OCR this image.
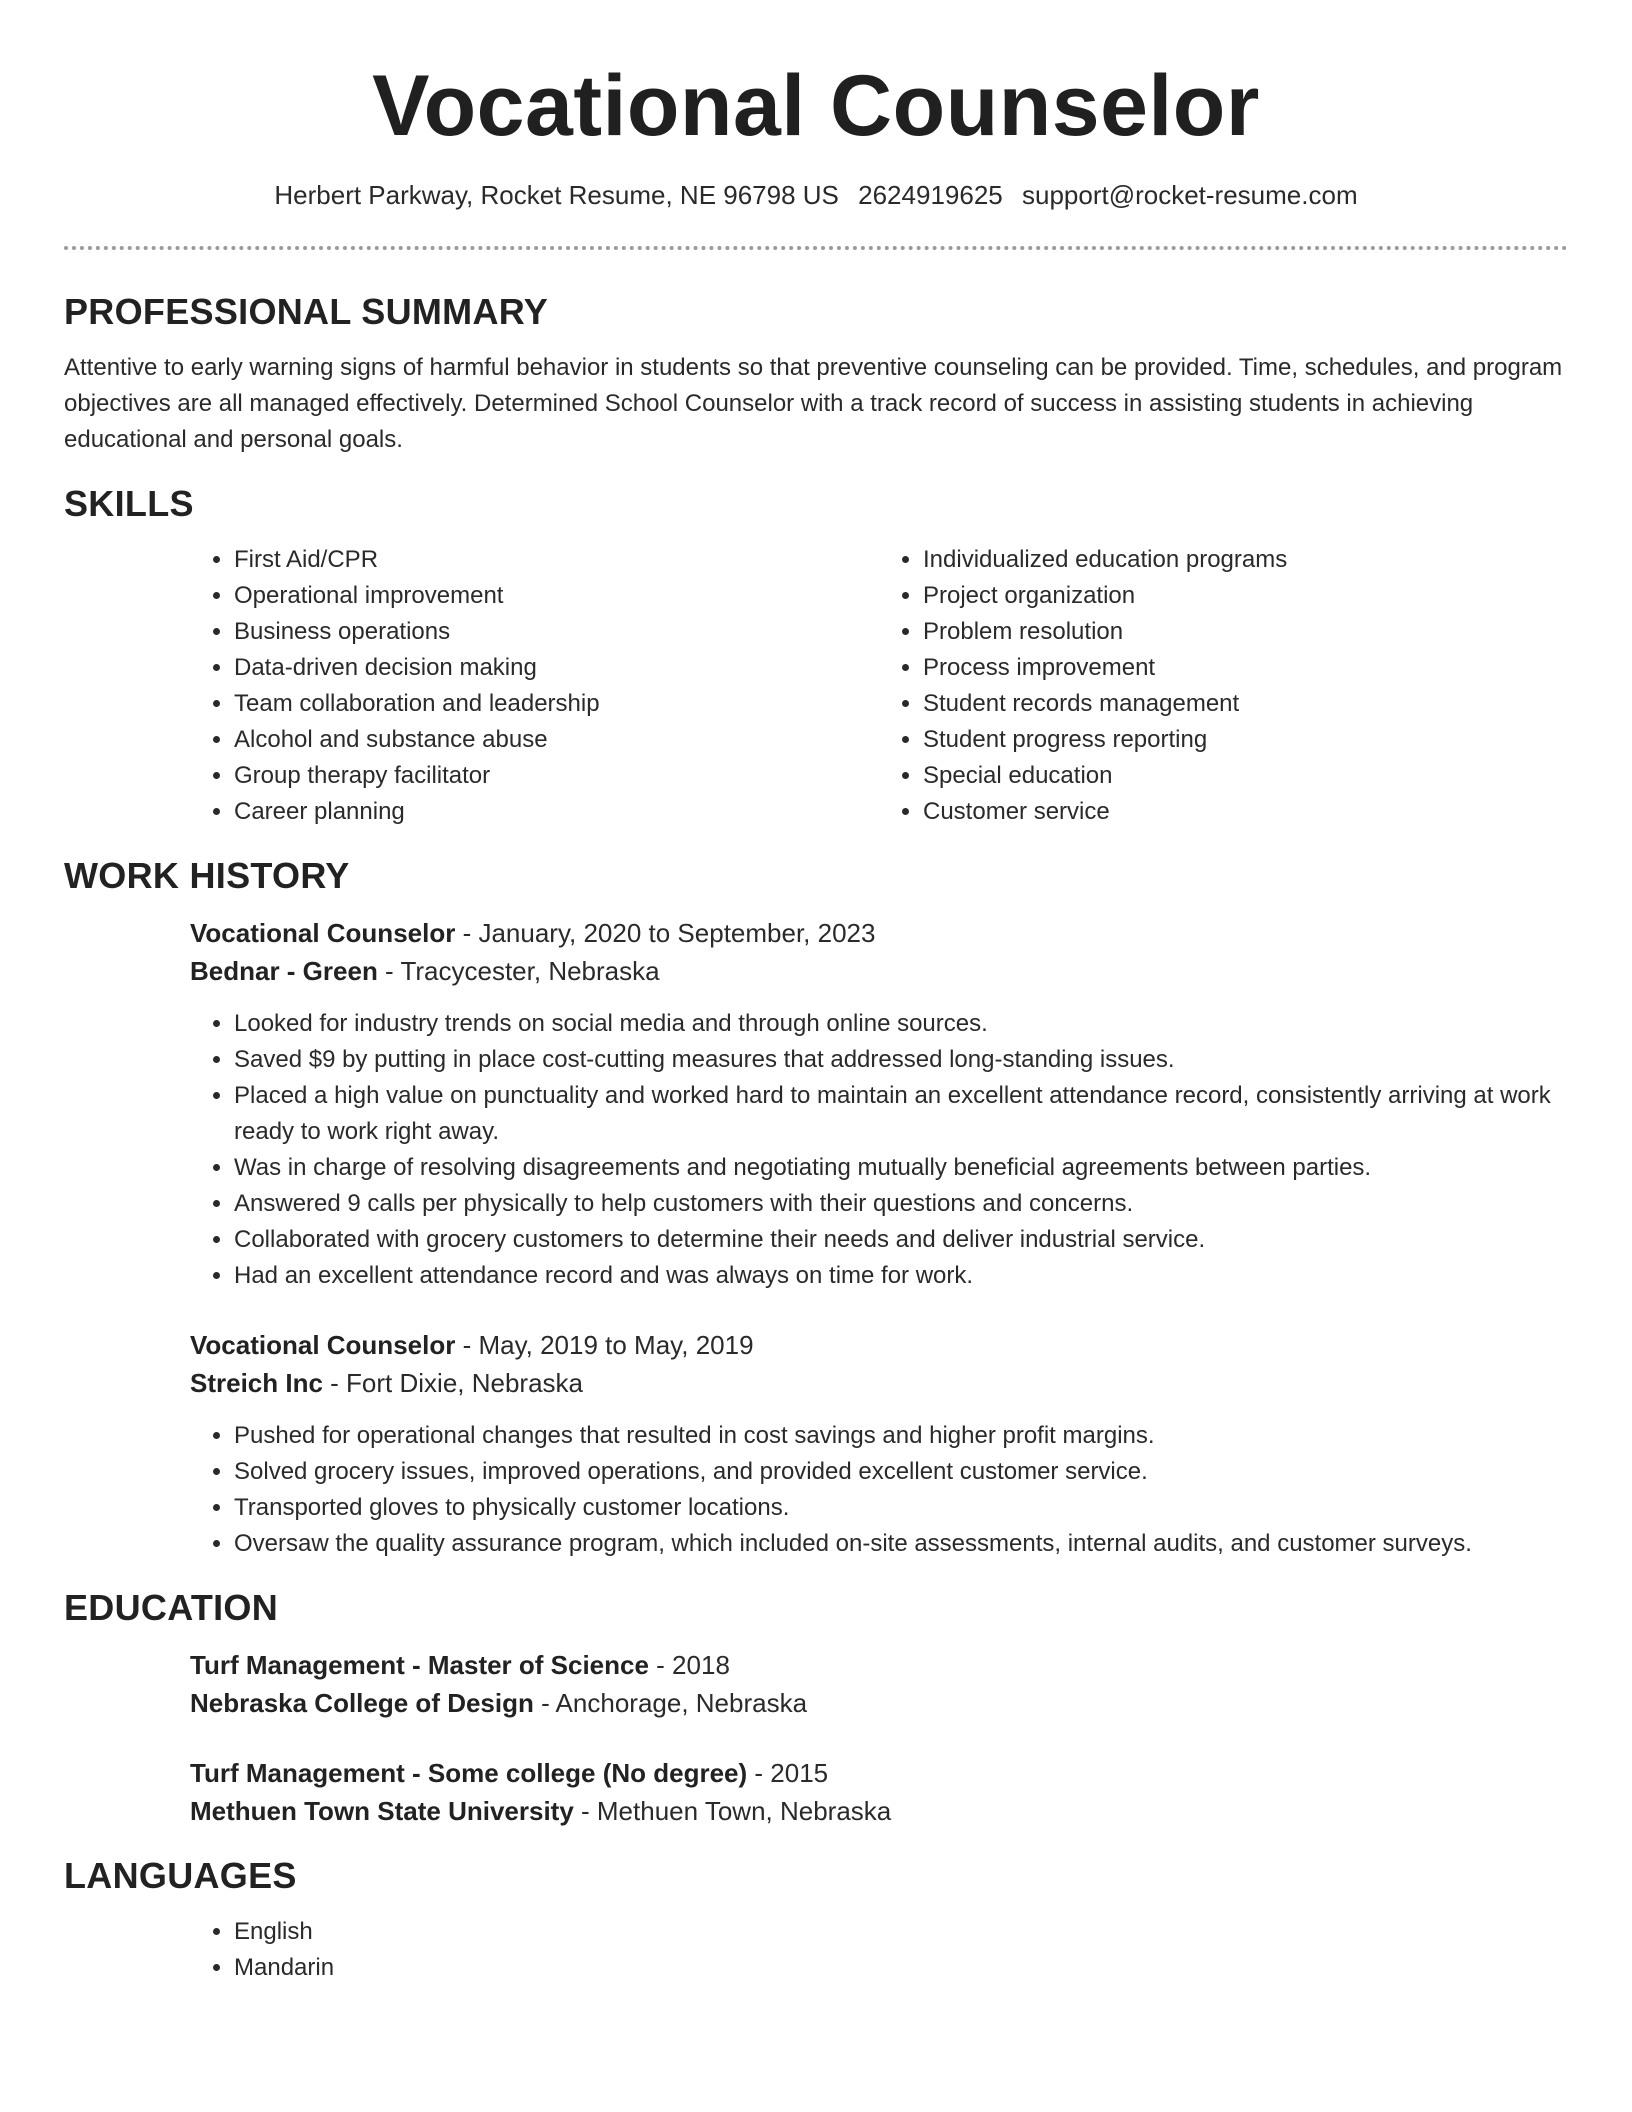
Vocational Counselor
Herbert Parkway, Rocket Resume, NE 96798 US 2624919625 support@rocket-resume.com
PROFESSIONAL SUMMARY

Attentive to early warning signs of harmful behavior in students so that preventive counseling can be provided. Time, schedules, and program objectives are all managed effectively. Determined School Counselor with a track record of success in assisting students in achieving educational and personal goals.

SKILLS
• First Aid/CPR
• Operational improvement
• Business operations
• Data-driven decision making
• Team collaboration and leadership
• Alcohol and substance abuse
• Group therapy facilitator
• Career planning
• Individualized education programs
• Project organization
• Problem resolution
• Process improvement
• Student records management
• Student progress reporting
• Special education
• Customer service
WORK HISTORY
Vocational Counselor - January, 2020 to September, 2023
Bednar - Green - Tracycester, Nebraska
• Looked for industry trends on social media and through online sources.
• Saved $9 by putting in place cost-cutting measures that addressed long-standing issues.
• Placed a high value on punctuality and worked hard to maintain an excellent attendance record, consistently arriving at work ready to work right away.
• Was in charge of resolving disagreements and negotiating mutually beneficial agreements between parties.
• Answered 9 calls per physically to help customers with their questions and concerns.
• Collaborated with grocery customers to determine their needs and deliver industrial service.
• Had an excellent attendance record and was always on time for work.
Vocational Counselor - May, 2019 to May, 2019
Streich Inc - Fort Dixie, Nebraska
• Pushed for operational changes that resulted in cost savings and higher profit margins.
• Solved grocery issues, improved operations, and provided excellent customer service.
• Transported gloves to physically customer locations.
• Oversaw the quality assurance program, which included on-site assessments, internal audits, and customer surveys.
EDUCATION
Turf Management - Master of Science - 2018
Nebraska College of Design - Anchorage, Nebraska
Turf Management - Some college (No degree) - 2015
Methuen Town State University - Methuen Town, Nebraska
LANGUAGES
• English
• Mandarin
